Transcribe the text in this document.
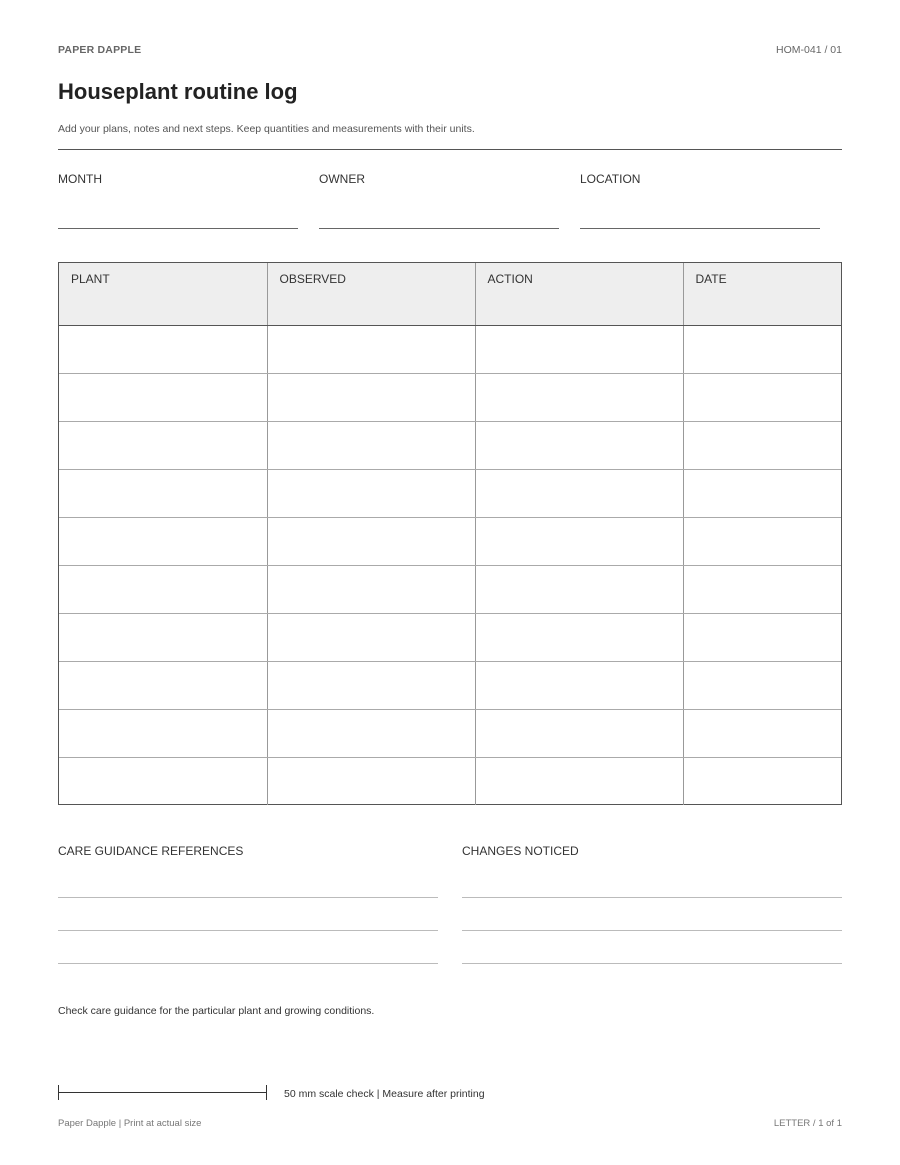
PAPER DAPPLE	HOM-041 / 01
Houseplant routine log
Add your plans, notes and next steps. Keep quantities and measurements with their units.
MONTH	OWNER	LOCATION
PLANT	OBSERVED	ACTION	DATE

CARE GUIDANCE REFERENCES	CHANGES NOTICED
Check care guidance for the particular plant and growing conditions.
50 mm scale check | Measure after printing
Paper Dapple | Print at actual size	LETTER / 1 of 1
